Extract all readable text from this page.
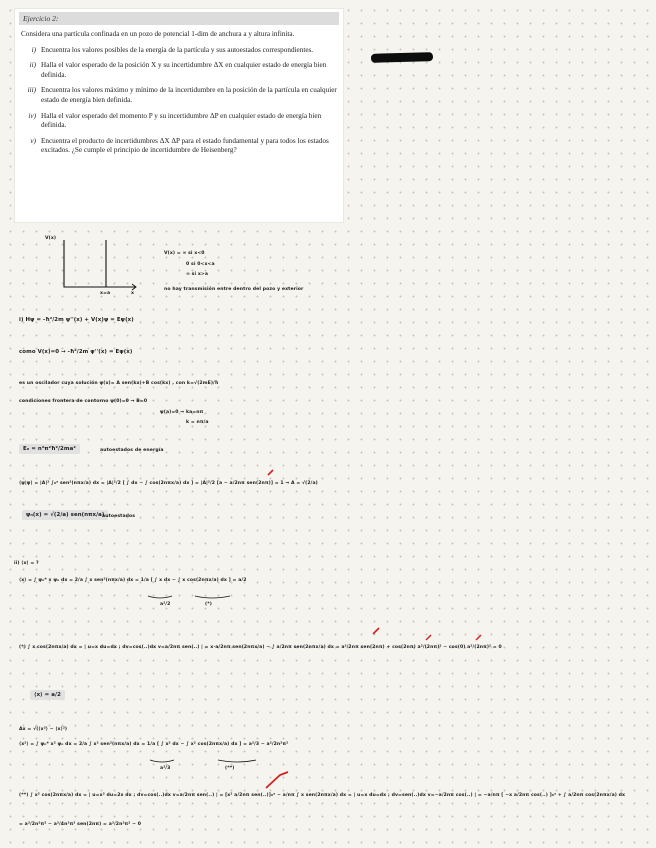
Ejercicio 2:

Considera una partícula confinada en un pozo de potencial 1-dim de anchura a y altura infinita.

i) Encuentra los valores posibles de la energía de la partícula y sus autoestados correspondientes.
ii) Halla el valor esperado de la posición X y su incertidumbre ΔX en cualquier estado de energía bien definida.
iii) Encuentra los valores máximo y mínimo de la incertidumbre en la posición de la partícula en cualquier estado de energía bien definida.
iv) Halla el valor esperado del momento P y su incertidumbre ΔP en cualquier estado de energía bien definida.
v) Encuentra el producto de incertidumbres ΔX ΔP para el estado fundamental y para todos los estados excitados. ¿Se cumple el principio de incertidumbre de Heisenberg?
V(x)
x=a	x
V(x) = ∞ si x<0
0 si 0<x<a
∞ si x>a
no hay transmisión entre dentro del pozo y exterior
i) Hψ = -ħ²/2m ψ''(x) + V(x)ψ = Eψ(x)
como V(x)=0 → -ħ²/2m ψ''(x) = Eψ(x)
es un oscilador cuya solución ψ(x)= A sen(kx)+B cos(kx) , con k=√(2mE)/ħ
condiciones frontera de contorno ψ(0)=0 → B=0
ψ(a)=0 → ka=nπ
k = nπ/a
Eₙ = n²π²ħ²/2ma²	autoestados de energía
⟨ψ|ψ⟩ = |A|² ∫₀ᵃ sen²(nπx/a) dx = |A|²/2 [ ∫ dx − ∫ cos(2nπx/a) dx ] = |A|²/2 [a − a/2nπ sen(2nπ)] = 1 → A = √(2/a)
ψₙ(x) = √(2/a) sen(nπx/a)
autoestados
ii) ⟨x⟩ = ?
⟨x⟩ = ∫ ψₙ* x ψₙ dx = 2/a ∫ x sen²(nπx/a) dx = 1/a [ ∫ x dx − ∫ x cos(2nπx/a) dx ] = a/2
a²/2	(*)
(*) ∫ x cos(2nπx/a) dx = | u=x du=dx ; dv=cos(..)dx v=a/2nπ sen(..) | = x·a/2nπ sen(2nπx/a) − ∫ a/2nπ sen(2nπx/a) dx = a²/2nπ sen(2nπ) + cos(2nπ) a²/(2nπ)² − cos(0) a²/(2nπ)² = 0
⟨x⟩ = a/2
Δx = √(⟨x²⟩ − ⟨x⟩²)
⟨x²⟩ = ∫ ψₙ* x² ψₙ dx = 2/a ∫ x² sen²(nπx/a) dx = 1/a [ ∫ x² dx − ∫ x² cos(2nπx/a) dx ] = a²/3 − a²/2n²π²
a³/3	(**)
(**) ∫ x² cos(2nπx/a) dx = | u=x² du=2x dx ; dv=cos(..)dx v=a/2nπ sen(..) | = [x² a/2nπ sen(..)]₀ᵃ − a/nπ ∫ x sen(2nπx/a) dx = | u=x du=dx ; dv=sen(..)dx v=−a/2nπ cos(..) | = −a/nπ [ −x a/2nπ cos(..) ]₀ᵃ + ∫ a/2nπ cos(2nπx/a) dx
= a³/2n²π² − a³/4n³π³ sen(2nπ) = a³/2n²π² − 0
